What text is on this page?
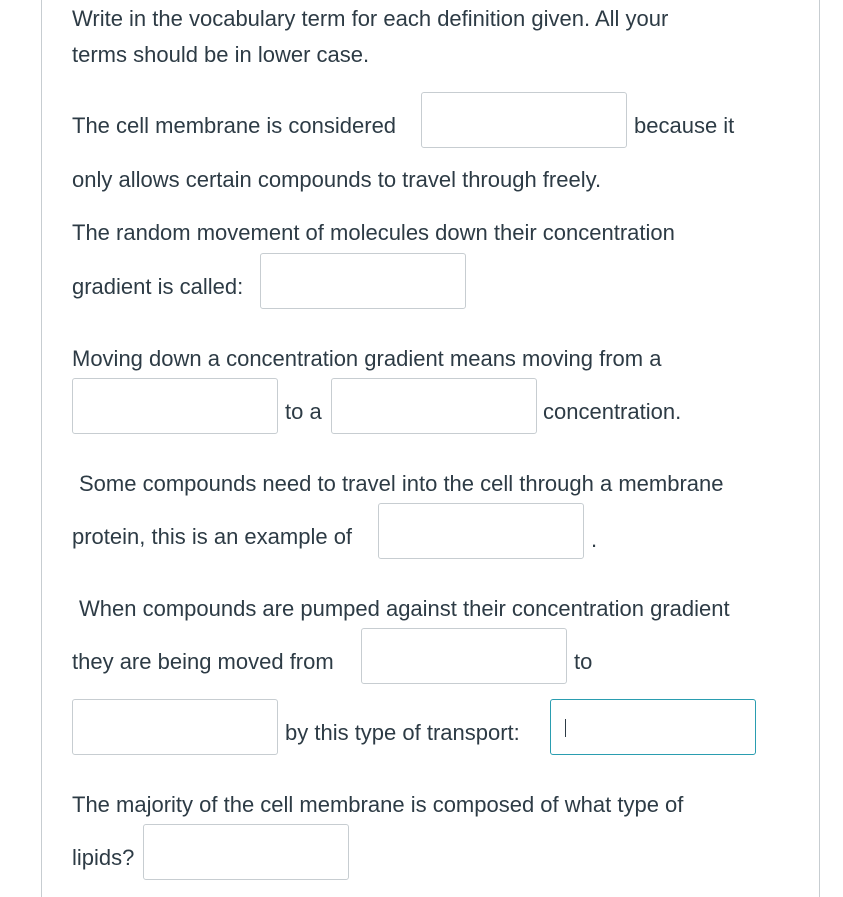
Write in the vocabulary term for each definition given. All your
terms should be in lower case.
The cell membrane is considered	because it
only allows certain compounds to travel through freely.
The random movement of molecules down their concentration
gradient is called:
Moving down a concentration gradient means moving from a
to a	concentration.
Some compounds need to travel into the cell through a membrane
protein, this is an example of	.
When compounds are pumped against their concentration gradient
they are being moved from	to
by this type of transport:
The majority of the cell membrane is composed of what type of
lipids?
